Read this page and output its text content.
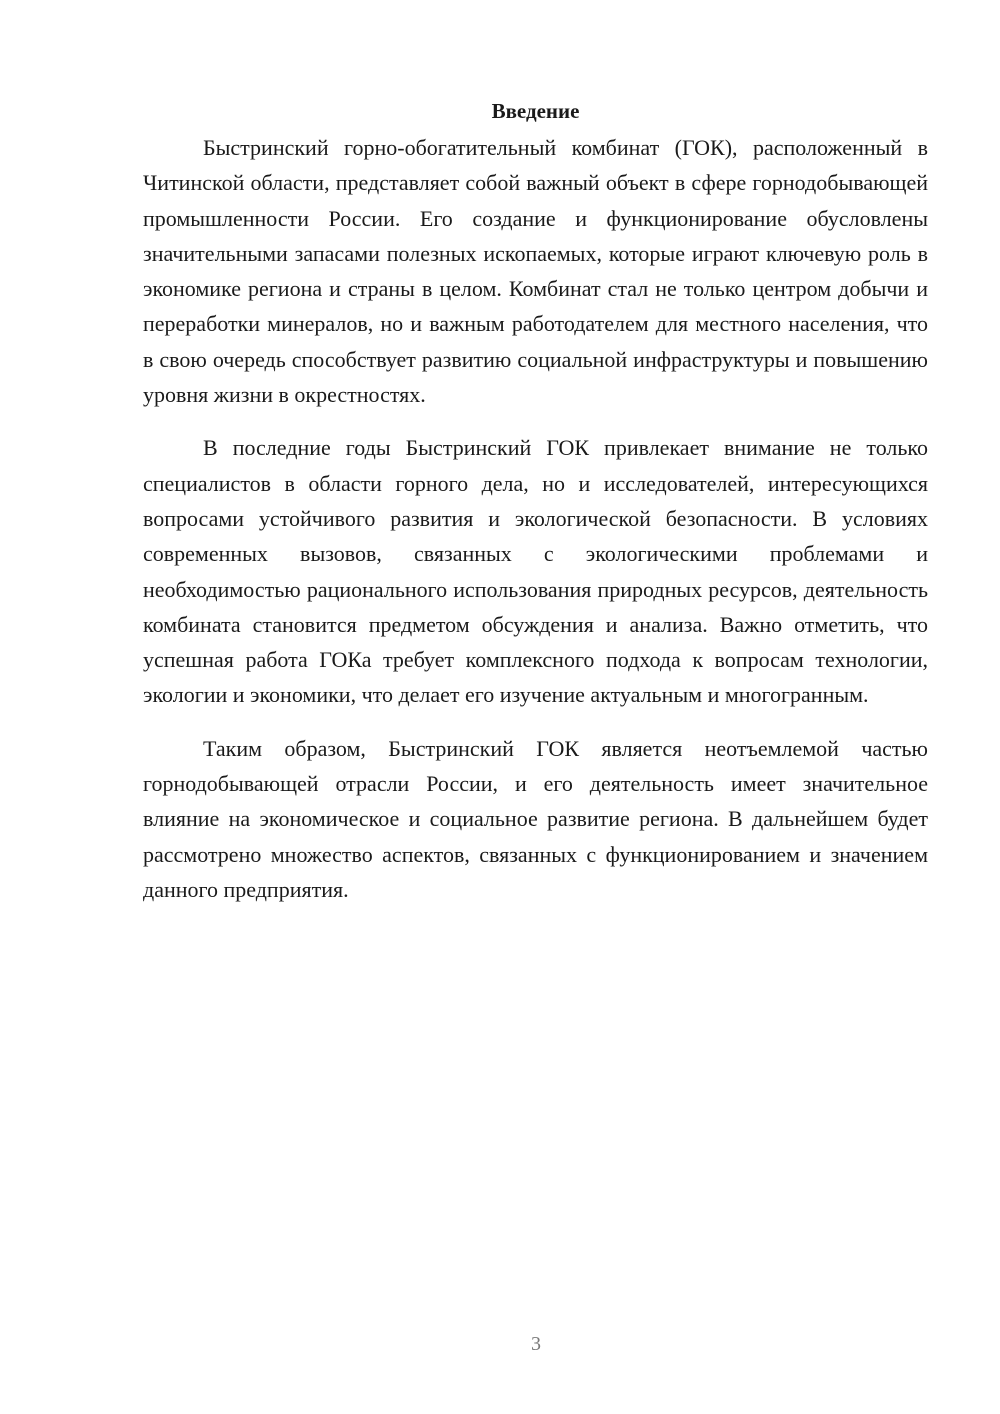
Введение

Быстринский горно-обогатительный комбинат (ГОК), расположенный в Читинской области, представляет собой важный объект в сфере горнодобывающей промышленности России. Его создание и функционирование обусловлены значительными запасами полезных ископаемых, которые играют ключевую роль в экономике региона и страны в целом. Комбинат стал не только центром добычи и переработки минералов, но и важным работодателем для местного населения, что в свою очередь способствует развитию социальной инфраструктуры и повышению уровня жизни в окрестностях.

В последние годы Быстринский ГОК привлекает внимание не только специалистов в области горного дела, но и исследователей, интересующихся вопросами устойчивого развития и экологической безопасности. В условиях современных вызовов, связанных с экологическими проблемами и необходимостью рационального использования природных ресурсов, деятельность комбината становится предметом обсуждения и анализа. Важно отметить, что успешная работа ГОКа требует комплексного подхода к вопросам технологии, экологии и экономики, что делает его изучение актуальным и многогранным.

Таким образом, Быстринский ГОК является неотъемлемой частью горнодобывающей отрасли России, и его деятельность имеет значительное влияние на экономическое и социальное развитие региона. В дальнейшем будет рассмотрено множество аспектов, связанных с функционированием и значением данного предприятия.

3
